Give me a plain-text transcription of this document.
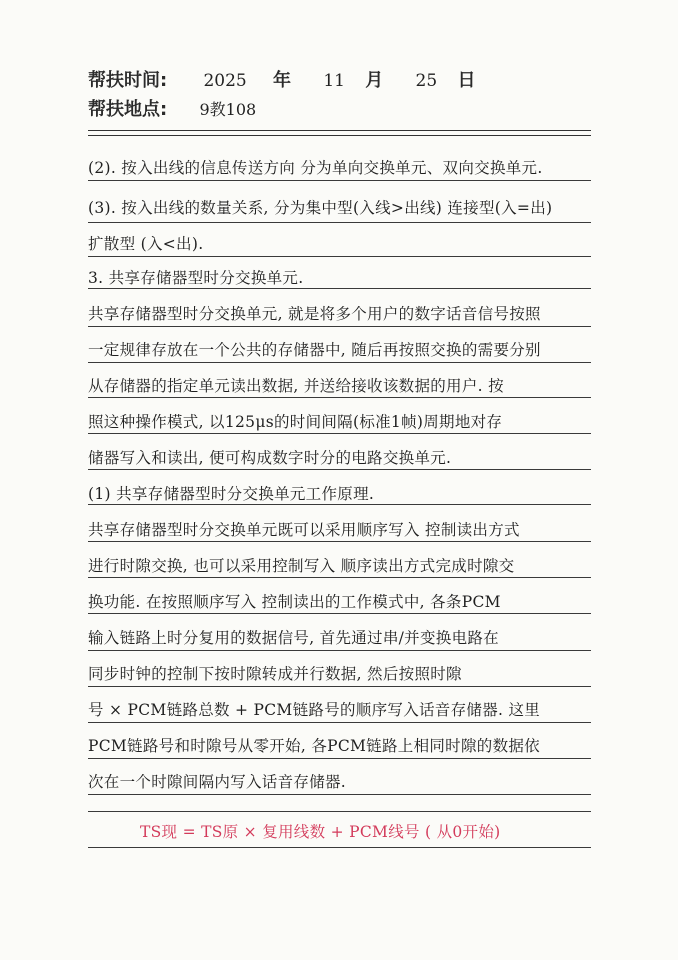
帮扶时间: 2025 年 11 月 25 日
帮扶地点: 9教108
(2). 按入出线的信息传送方向 分为单向交换单元、双向交换单元.
(3). 按入出线的数量关系, 分为集中型(入线>出线) 连接型(入=出)
扩散型 (入<出).
3. 共享存储器型时分交换单元.
共享存储器型时分交换单元, 就是将多个用户的数字话音信号按照
一定规律存放在一个公共的存储器中, 随后再按照交换的需要分别
从存储器的指定单元读出数据, 并送给接收该数据的用户. 按
照这种操作模式, 以125μs的时间间隔(标准1帧)周期地对存
储器写入和读出, 便可构成数字时分的电路交换单元.
(1) 共享存储器型时分交换单元工作原理.
共享存储器型时分交换单元既可以采用顺序写入 控制读出方式
进行时隙交换, 也可以采用控制写入 顺序读出方式完成时隙交
换功能. 在按照顺序写入 控制读出的工作模式中, 各条PCM
输入链路上时分复用的数据信号, 首先通过串/并变换电路在
同步时钟的控制下按时隙转成并行数据, 然后按照时隙
号 × PCM链路总数 + PCM链路号的顺序写入话音存储器. 这里
PCM链路号和时隙号从零开始, 各PCM链路上相同时隙的数据依
次在一个时隙间隔内写入话音存储器.
TS现 = TS原 × 复用线数 + PCM线号 ( 从0开始)
